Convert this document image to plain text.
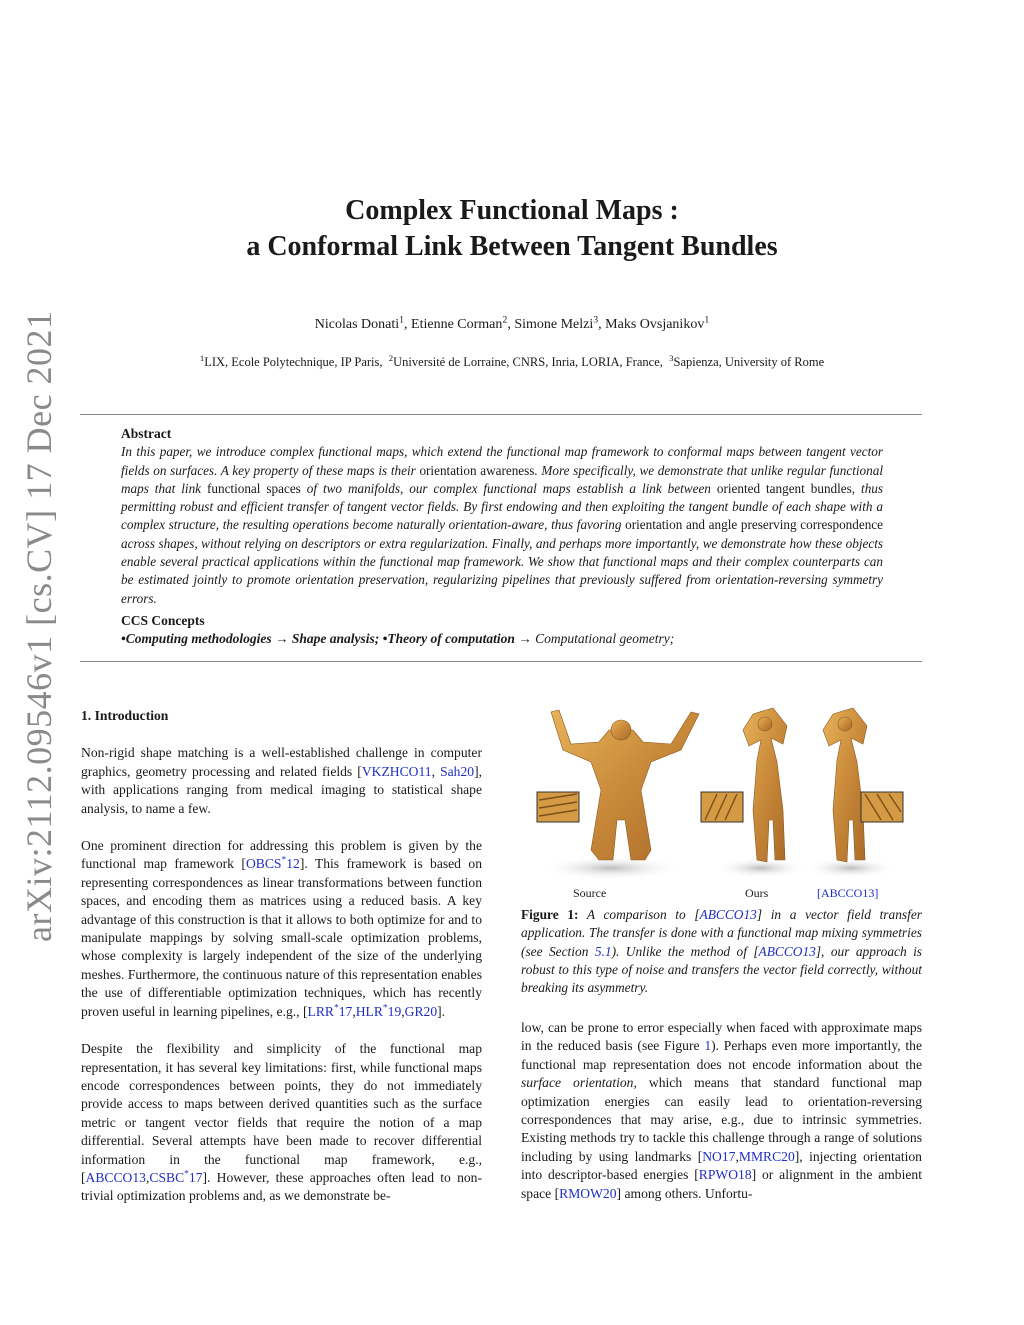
arXiv:2112.09546v1 [cs.CV] 17 Dec 2021
Complex Functional Maps :
a Conformal Link Between Tangent Bundles
Nicolas Donati$^1$, Etienne Corman$^2$, Simone Melzi$^3$, Maks Ovsjanikov$^1$
$^1$LIX, Ecole Polytechnique, IP Paris, $^2$Université de Lorraine, CNRS, Inria, LORIA, France, $^3$Sapienza, University of Rome
Abstract
In this paper, we introduce complex functional maps, which extend the functional map framework to conformal maps between tangent vector fields on surfaces. A key property of these maps is their orientation awareness. More specifically, we demonstrate that unlike regular functional maps that link functional spaces of two manifolds, our complex functional maps establish a link between oriented tangent bundles, thus permitting robust and efficient transfer of tangent vector fields. By first endowing and then exploiting the tangent bundle of each shape with a complex structure, the resulting operations become naturally orientation-aware, thus favoring orientation and angle preserving correspondence across shapes, without relying on descriptors or extra regularization. Finally, and perhaps more importantly, we demonstrate how these objects enable several practical applications within the functional map framework. We show that functional maps and their complex counterparts can be estimated jointly to promote orientation preservation, regularizing pipelines that previously suffered from orientation-reversing symmetry errors.
CCS Concepts
•Computing methodologies → Shape analysis; •Theory of computation → Computational geometry;
1. Introduction

Non-rigid shape matching is a well-established challenge in computer graphics, geometry processing and related fields [VKZHCO11, Sah20], with applications ranging from medical imaging to statistical shape analysis, to name a few.

One prominent direction for addressing this problem is given by the functional map framework [OBCS*12]. This framework is based on representing correspondences as linear transformations between function spaces, and encoding them as matrices using a reduced basis. A key advantage of this construction is that it allows to both optimize for and to manipulate mappings by solving small-scale optimization problems, whose complexity is largely independent of the size of the underlying meshes. Furthermore, the continuous nature of this representation enables the use of differentiable optimization techniques, which has recently proven useful in learning pipelines, e.g., [LRR*17,HLR*19,GR20].

Despite the flexibility and simplicity of the functional map representation, it has several key limitations: first, while functional maps encode correspondences between points, they do not immediately provide access to maps between derived quantities such as the surface metric or tangent vector fields that require the notion of a map differential. Several attempts have been made to recover differential information in the functional map framework, e.g., [ABCCO13,CSBC*17]. However, these approaches often lead to non-trivial optimization problems and, as we demonstrate be-

Source	Ours	[ABCCO13]
Figure 1: A comparison to [ABCCO13] in a vector field transfer application. The transfer is done with a functional map mixing symmetries (see Section 5.1). Unlike the method of [ABCCO13], our approach is robust to this type of noise and transfers the vector field correctly, without breaking its asymmetry.
low, can be prone to error especially when faced with approximate maps in the reduced basis (see Figure 1). Perhaps even more importantly, the functional map representation does not encode information about the surface orientation, which means that standard functional map optimization energies can easily lead to orientation-reversing correspondences that may arise, e.g., due to intrinsic symmetries. Existing methods try to tackle this challenge through a range of solutions including by using landmarks [NO17,MMRC20], injecting orientation into descriptor-based energies [RPWO18] or alignment in the ambient space [RMOW20] among others. Unfortu-
